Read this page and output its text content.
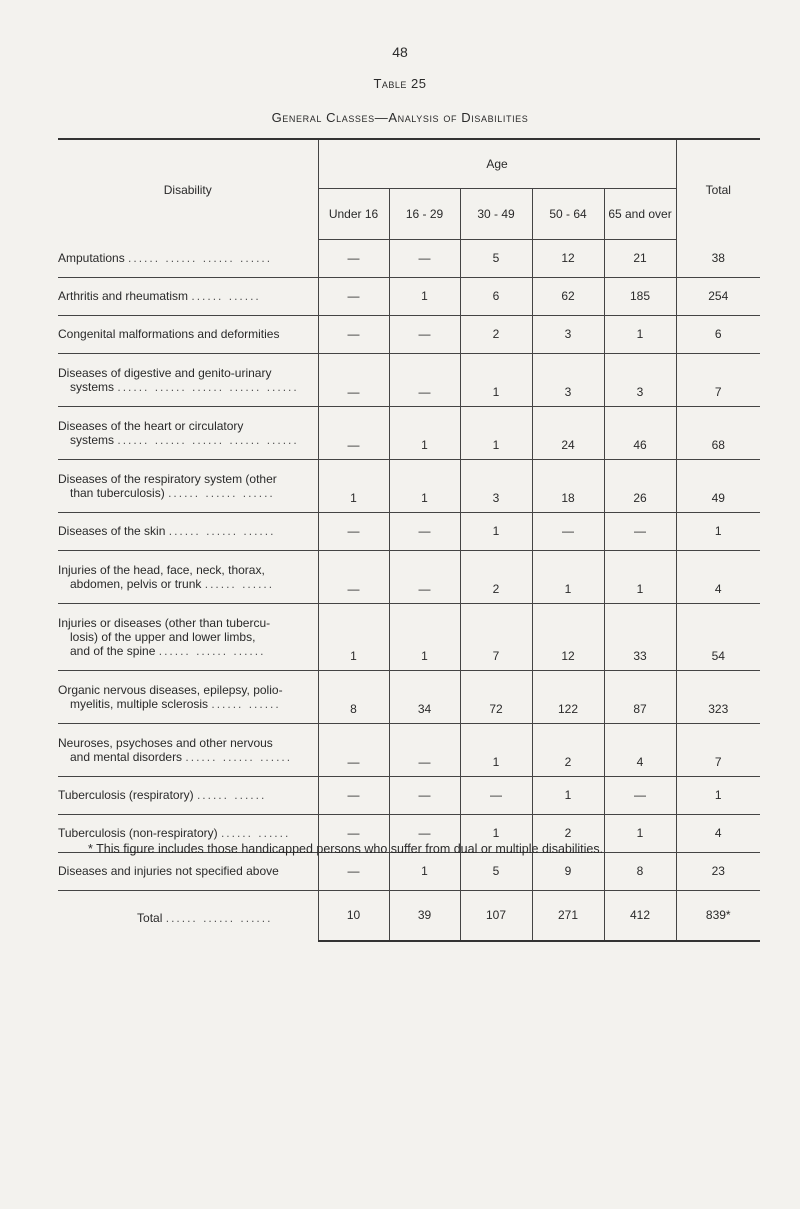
48
Table 25
General Classes—Analysis of Disabilities
Disability	Age					Total
	Under 16	16 - 29	30 - 49	50 - 64	65 and over	
Amputations ...... ...... ...... ......	—	—	5	12	21	38
Arthritis and rheumatism ...... ......	—	1	6	62	185	254
Congenital malformations and deformities	—	—	2	3	1	6
Diseases of digestive and genito-urinary
systems ...... ...... ...... ...... ......	—	—	1	3	3	7
Diseases of the heart or circulatory
systems ...... ...... ...... ...... ......	—	1	1	24	46	68
Diseases of the respiratory system (other
than tuberculosis) ...... ...... ......	1	1	3	18	26	49
Diseases of the skin ...... ...... ......	—	—	1	—	—	1
Injuries of the head, face, neck, thorax,
abdomen, pelvis or trunk ...... ......	—	—	2	1	1	4
Injuries or diseases (other than tubercu-
losis) of the upper and lower limbs,
and of the spine ...... ...... ......	1	1	7	12	33	54
Organic nervous diseases, epilepsy, polio-
myelitis, multiple sclerosis ...... ......	8	34	72	122	87	323
Neuroses, psychoses and other nervous
and mental disorders ...... ...... ......	—	—	1	2	4	7
Tuberculosis (respiratory) ...... ......	—	—	—	1	—	1
Tuberculosis (non-respiratory) ...... ......	—	—	1	2	1	4
Diseases and injuries not specified above	—	1	5	9	8	23
Total ...... ...... ......	10	39	107	271	412	839*
* This figure includes those handicapped persons who suffer from dual or multiple disabilities.
